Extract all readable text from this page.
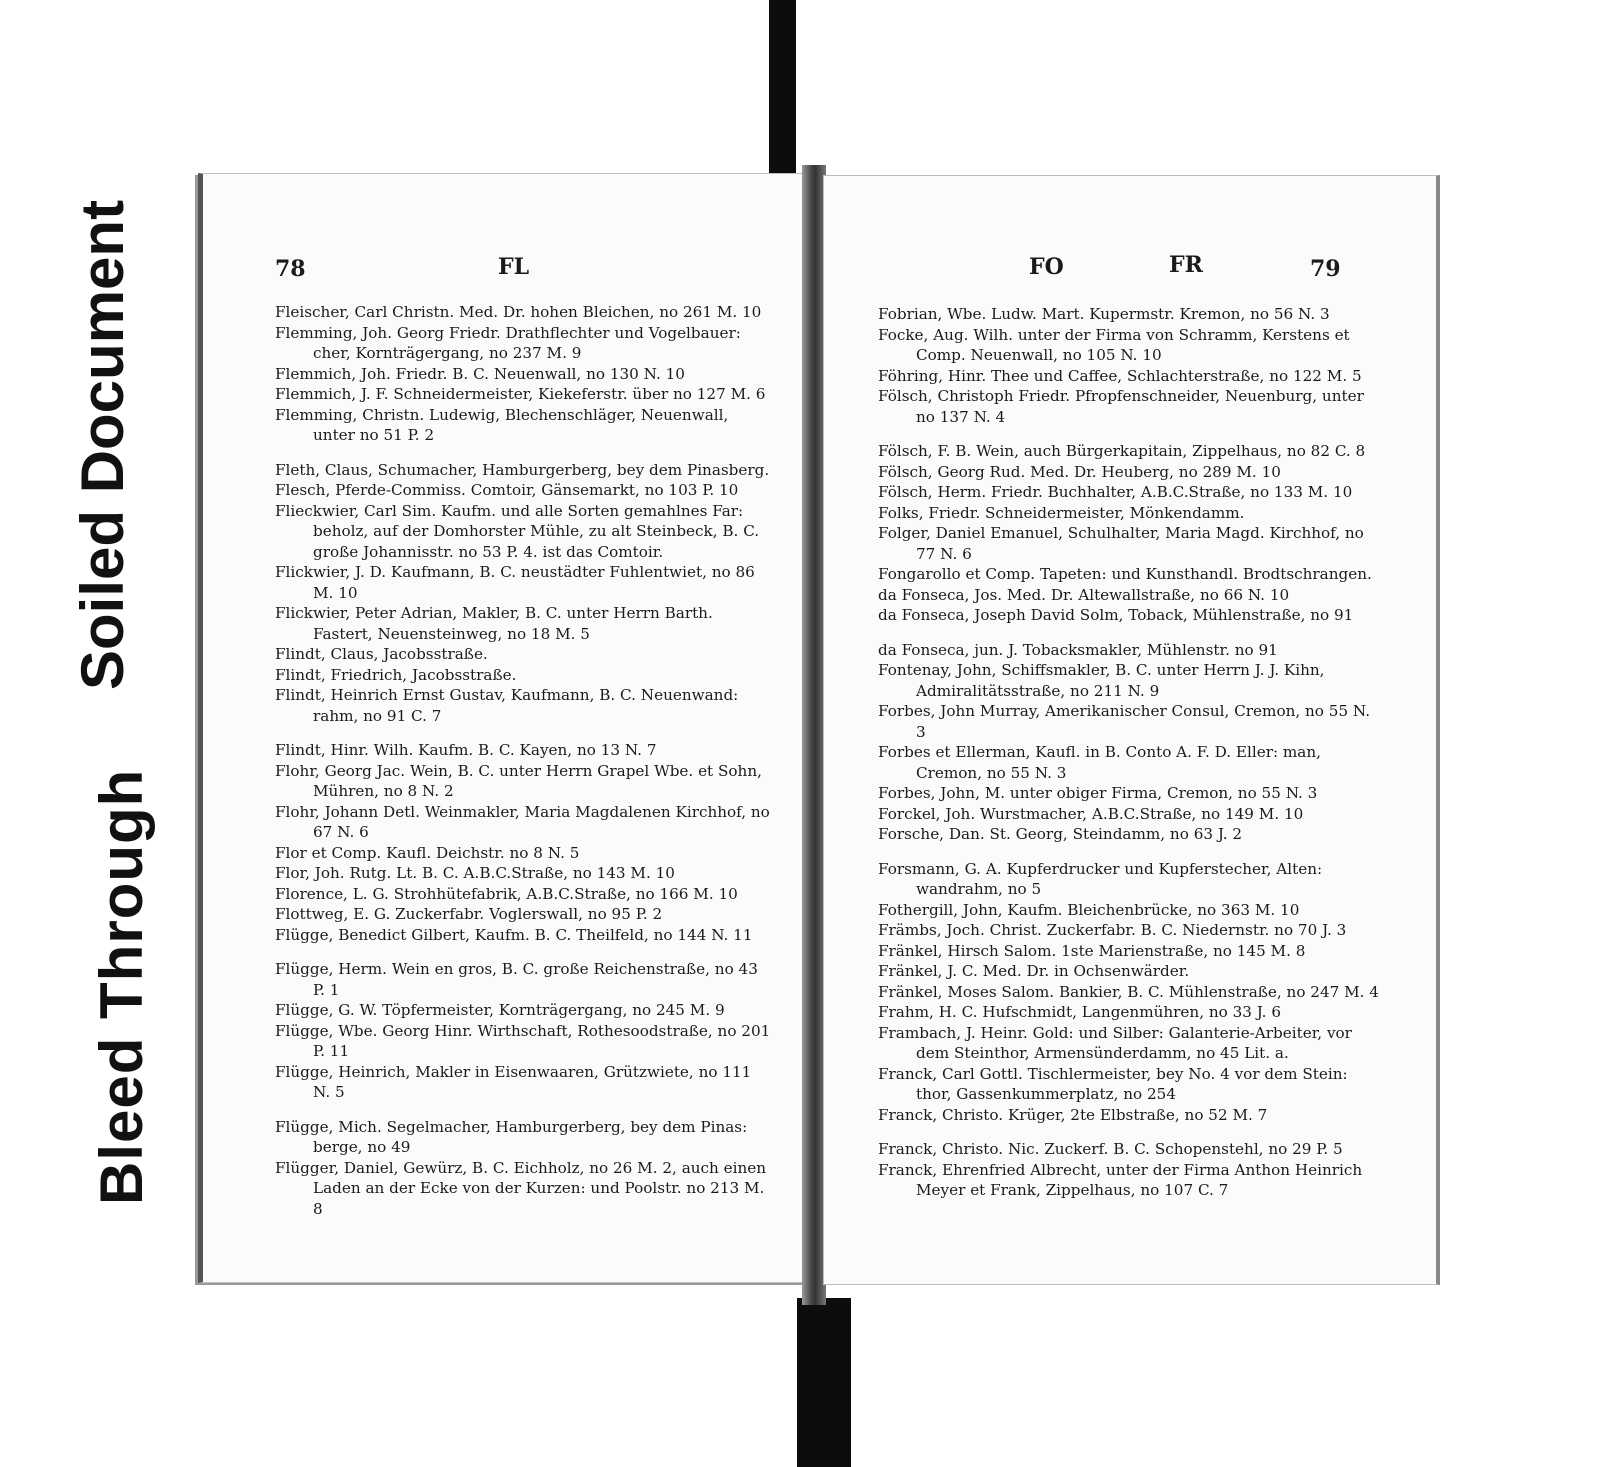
Soiled Document
Bleed Through
78	FL

Fleischer, Carl Christn. Med. Dr. hohen Bleichen, no 261 M. 10

Flemming, Joh. Georg Friedr. Drathflechter und Vogelbauer: cher, Kornträgergang, no 237 M. 9

Flemmich, Joh. Friedr. B. C. Neuenwall, no 130 N. 10

Flemmich, J. F. Schneidermeister, Kiekeferstr. über no 127 M. 6

Flemming, Christn. Ludewig, Blechenschläger, Neuenwall, unter no 51 P. 2

Fleth, Claus, Schumacher, Hamburgerberg, bey dem Pinasberg.

Flesch, Pferde-Commiss. Comtoir, Gänsemarkt, no 103 P. 10

Flieckwier, Carl Sim. Kaufm. und alle Sorten gemahlnes Far: beholz, auf der Domhorster Mühle, zu alt Steinbeck, B. C. große Johannisstr. no 53 P. 4. ist das Comtoir.

Flickwier, J. D. Kaufmann, B. C. neustädter Fuhlentwiet, no 86 M. 10

Flickwier, Peter Adrian, Makler, B. C. unter Herrn Barth. Fastert, Neuensteinweg, no 18 M. 5

Flindt, Claus, Jacobsstraße.

Flindt, Friedrich, Jacobsstraße.

Flindt, Heinrich Ernst Gustav, Kaufmann, B. C. Neuenwand: rahm, no 91 C. 7

Flindt, Hinr. Wilh. Kaufm. B. C. Kayen, no 13 N. 7

Flohr, Georg Jac. Wein, B. C. unter Herrn Grapel Wbe. et Sohn, Mühren, no 8 N. 2

Flohr, Johann Detl. Weinmakler, Maria Magdalenen Kirchhof, no 67 N. 6

Flor et Comp. Kaufl. Deichstr. no 8 N. 5

Flor, Joh. Rutg. Lt. B. C. A.B.C.Straße, no 143 M. 10

Florence, L. G. Strohhütefabrik, A.B.C.Straße, no 166 M. 10

Flottweg, E. G. Zuckerfabr. Voglerswall, no 95 P. 2

Flügge, Benedict Gilbert, Kaufm. B. C. Theilfeld, no 144 N. 11

Flügge, Herm. Wein en gros, B. C. große Reichenstraße, no 43 P. 1

Flügge, G. W. Töpfermeister, Kornträgergang, no 245 M. 9

Flügge, Wbe. Georg Hinr. Wirthschaft, Rothesoodstraße, no 201 P. 11

Flügge, Heinrich, Makler in Eisenwaaren, Grützwiete, no 111 N. 5

Flügge, Mich. Segelmacher, Hamburgerberg, bey dem Pinas: berge, no 49

Flügger, Daniel, Gewürz, B. C. Eichholz, no 26 M. 2, auch einen Laden an der Ecke von der Kurzen: und Poolstr. no 213 M. 8

FO	FR	79

Fobrian, Wbe. Ludw. Mart. Kupermstr. Kremon, no 56 N. 3

Focke, Aug. Wilh. unter der Firma von Schramm, Kerstens et Comp. Neuenwall, no 105 N. 10

Föhring, Hinr. Thee und Caffee, Schlachterstraße, no 122 M. 5

Fölsch, Christoph Friedr. Pfropfenschneider, Neuenburg, unter no 137 N. 4

Fölsch, F. B. Wein, auch Bürgerkapitain, Zippelhaus, no 82 C. 8

Fölsch, Georg Rud. Med. Dr. Heuberg, no 289 M. 10

Fölsch, Herm. Friedr. Buchhalter, A.B.C.Straße, no 133 M. 10

Folks, Friedr. Schneidermeister, Mönkendamm.

Folger, Daniel Emanuel, Schulhalter, Maria Magd. Kirchhof, no 77 N. 6

Fongarollo et Comp. Tapeten: und Kunsthandl. Brodtschrangen.

da Fonseca, Jos. Med. Dr. Altewallstraße, no 66 N. 10

da Fonseca, Joseph David Solm, Toback, Mühlenstraße, no 91

da Fonseca, jun. J. Tobacksmakler, Mühlenstr. no 91

Fontenay, John, Schiffsmakler, B. C. unter Herrn J. J. Kihn, Admiralitätsstraße, no 211 N. 9

Forbes, John Murray, Amerikanischer Consul, Cremon, no 55 N. 3

Forbes et Ellerman, Kaufl. in B. Conto A. F. D. Eller: man, Cremon, no 55 N. 3

Forbes, John, M. unter obiger Firma, Cremon, no 55 N. 3

Forckel, Joh. Wurstmacher, A.B.C.Straße, no 149 M. 10

Forsche, Dan. St. Georg, Steindamm, no 63 J. 2

Forsmann, G. A. Kupferdrucker und Kupferstecher, Alten: wandrahm, no 5

Fothergill, John, Kaufm. Bleichenbrücke, no 363 M. 10

Främbs, Joch. Christ. Zuckerfabr. B. C. Niedernstr. no 70 J. 3

Fränkel, Hirsch Salom. 1ste Marienstraße, no 145 M. 8

Fränkel, J. C. Med. Dr. in Ochsenwärder.

Fränkel, Moses Salom. Bankier, B. C. Mühlenstraße, no 247 M. 4

Frahm, H. C. Hufschmidt, Langenmühren, no 33 J. 6

Frambach, J. Heinr. Gold: und Silber: Galanterie-Arbeiter, vor dem Steinthor, Armensünderdamm, no 45 Lit. a.

Franck, Carl Gottl. Tischlermeister, bey No. 4 vor dem Stein: thor, Gassenkummerplatz, no 254

Franck, Christo. Krüger, 2te Elbstraße, no 52 M. 7

Franck, Christo. Nic. Zuckerf. B. C. Schopenstehl, no 29 P. 5

Franck, Ehrenfried Albrecht, unter der Firma Anthon Heinrich Meyer et Frank, Zippelhaus, no 107 C. 7
